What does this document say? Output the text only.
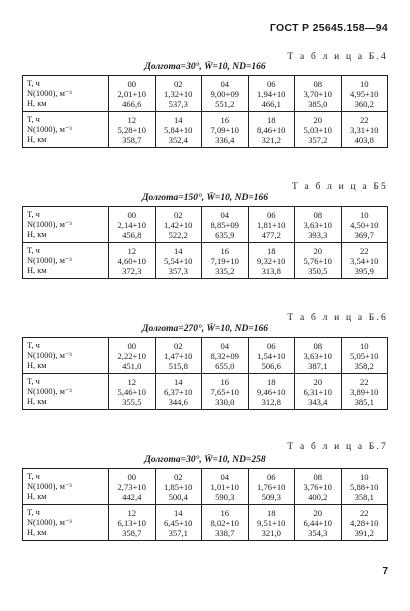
ГОСТ Р 25645.158—94
Т а б л и ц а Б.4
Долгота=30°, W̄=10, ND=166
T, ч
N(1000), м⁻³
H, км	00
2,01+10
466,6	02
1,32+10
537,3	04
9,00+09
551,2	06
1,94+10
466,1	08
3,70+10
385,0	10
4,95+10
360,2

T, ч
N(1000), м⁻³
H, км	12
5,28+10
358,7	14
5,84+10
352,4	16
7,09+10
336,4	18
8,46+10
321,2	20
5,03+10
357,2	22
3,31+10
403,8
Т а б л и ц а Б5
Долгота=150°, W̄=10, ND=166
T, ч
N(1000), м⁻³
H, км	00
2,14+10
456,8	02
1,42+10
522,2	04
8,85+09
635,9	06
1,81+10
477,2	08
3,63+10
393,3	10
4,50+10
369,7

T, ч
N(1000), м⁻³
H, км	12
4,60+10
372,3	14
5,54+10
357,3	16
7,19+10
335,2	18
9,32+10
313,8	20
5,76+10
350,5	22
3,54+10
395,9
Т а б л и ц а Б.6
Долгота=270°, W̄=10, ND=166
T, ч
N(1000), м⁻³
H, км	00
2,22+10
451,0	02
1,47+10
515,8	04
8,32+09
655,0	06
1,54+10
506,6	08
3,63+10
387,1	10
5,05+10
358,2

T, ч
N(1000), м⁻³
H, км	12
5,46+10
355,5	14
6,37+10
344,6	16
7,65+10
330,0	18
9,46+10
312,8	20
6,31+10
343,4	22
3,89+10
385,1
Т а б л и ц а Б.7
Долгота=30°, W̄=10, ND=258
T, ч
N(1000), м⁻³
H, км	00
2,73+10
442,4	02
1,85+10
500,4	04
1,01+10
590,3	06
1,76+10
509,3	08
3,76+10
400,2	10
5,88+10
358,1

T, ч
N(1000), м⁻³
H, км	12
6,13+10
358,7	14
6,45+10
357,1	16
8,02+10
338,7	18
9,51+10
321,0	20
6,44+10
354,3	22
4,28+10
391,2
7
